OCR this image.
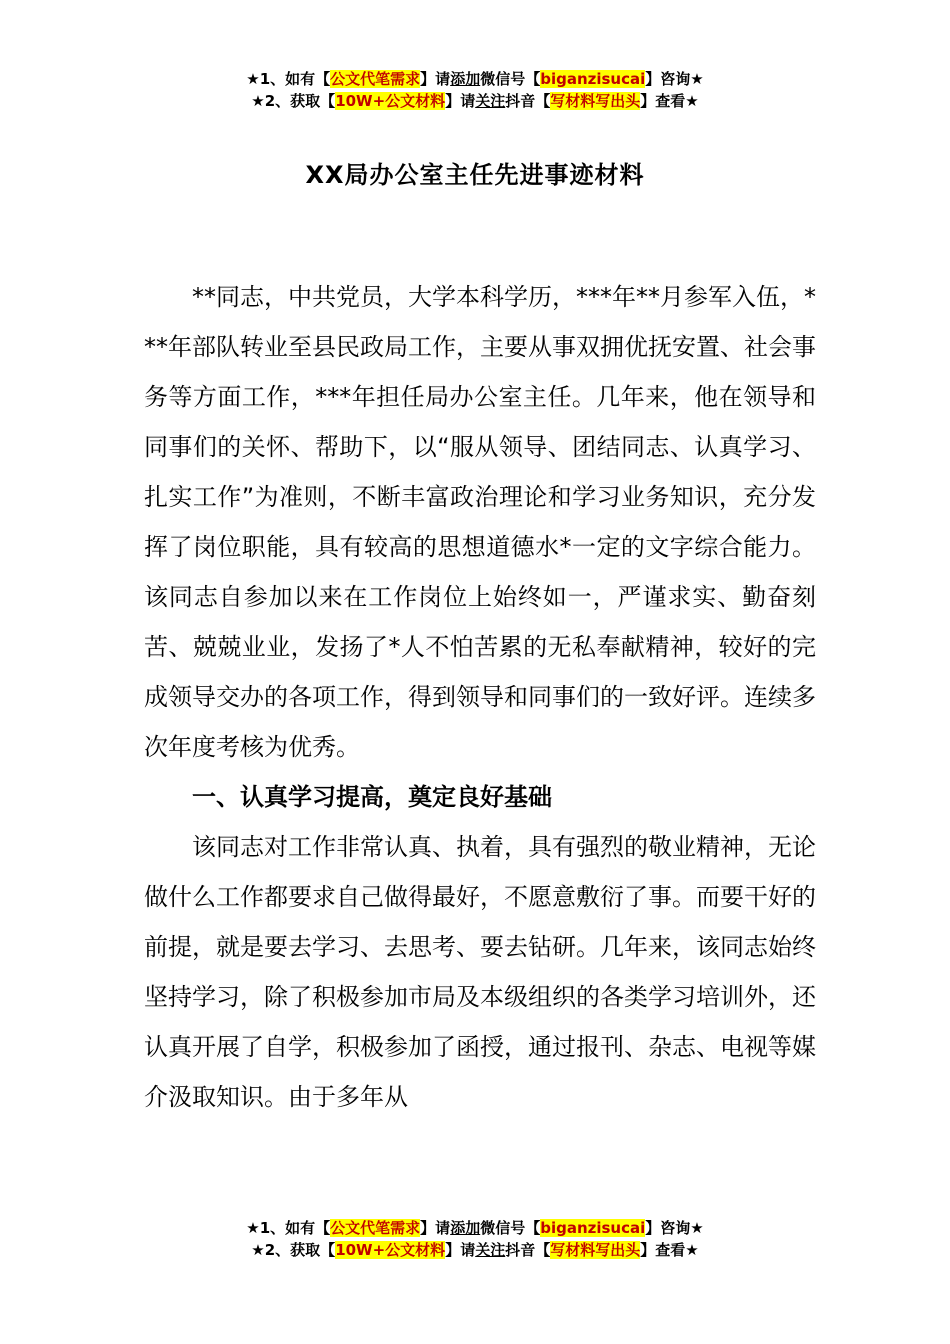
★1、如有【公文代笔需求】请添加微信号【biganzisucai】咨询★
★2、获取【10W+公文材料】请关注抖音【写材料写出头】查看★
XX局办公室主任先进事迹材料

**同志，中共党员，大学本科学历，***年**月参军入伍，***年部队转业至县民政局工作，主要从事双拥优抚安置、社会事务等方面工作，***年担任局办公室主任。几年来，他在领导和同事们的关怀、帮助下，以“服从领导、团结同志、认真学习、扎实工作”为准则，不断丰富政治理论和学习业务知识，充分发挥了岗位职能，具有较高的思想道德水*一定的文字综合能力。该同志自参加以来在工作岗位上始终如一，严谨求实、勤奋刻苦、兢兢业业，发扬了*人不怕苦累的无私奉献精神，较好的完成领导交办的各项工作，得到领导和同事们的一致好评。连续多次年度考核为优秀。

一、认真学习提高，奠定良好基础

该同志对工作非常认真、执着，具有强烈的敬业精神，无论做什么工作都要求自己做得最好，不愿意敷衍了事。而要干好的前提，就是要去学习、去思考、要去钻研。几年来，该同志始终坚持学习，除了积极参加市局及本级组织的各类学习培训外，还认真开展了自学，积极参加了函授，通过报刊、杂志、电视等媒介汲取知识。由于多年从

★1、如有【公文代笔需求】请添加微信号【biganzisucai】咨询★
★2、获取【10W+公文材料】请关注抖音【写材料写出头】查看★
